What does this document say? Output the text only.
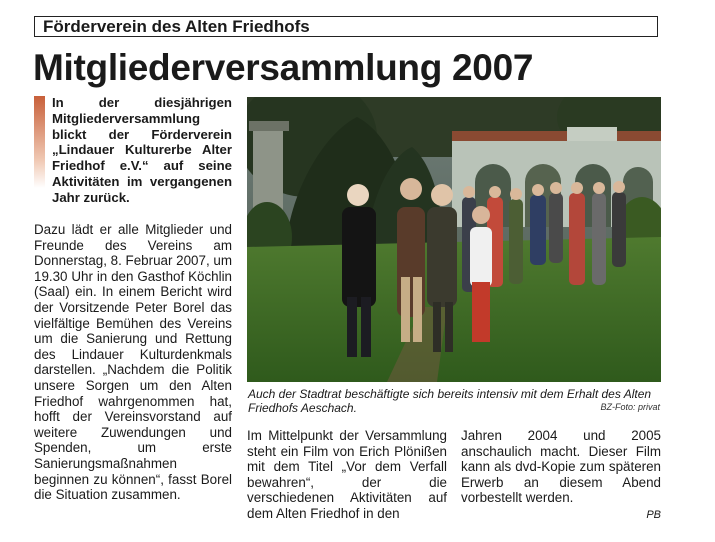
Förderverein des Alten Friedhofs
Mitgliederversammlung 2007
In der diesjährigen Mitgliederversammlung blickt der Förderverein „Lindauer Kulturerbe Alter Friedhof e.V.“ auf seine Aktivitäten im vergangenen Jahr zurück.
Dazu lädt er alle Mitglieder und Freunde des Vereins am Donnerstag, 8. Februar 2007, um 19.30 Uhr in den Gasthof Köchlin (Saal) ein. In einem Bericht wird der Vorsitzende Peter Borel das vielfältige Bemühen des Vereins um die Sanierung und Rettung des Lindauer Kulturdenkmals darstellen. „Nachdem die Politik unsere Sorgen um den Alten Friedhof wahrgenommen hat, hofft der Vereinsvorstand auf weitere Zuwendungen und Spenden, um erste Sanierungsmaßnahmen beginnen zu können“, fasst Borel die Situation zusammen.
Auch der Stadtrat beschäftigte sich bereits intensiv mit dem Erhalt des Alten Friedhofs Aeschach.	BZ-Foto: privat
Im Mittelpunkt der Versammlung steht ein Film von Erich Plönißen mit dem Titel „Vor dem Verfall bewahren“, der die verschiedenen Aktivitäten auf dem Alten Friedhof in den
Jahren 2004 und 2005 anschaulich macht. Dieser Film kann als dvd-Kopie zum späteren Erwerb an diesem Abend vorbestellt werden.
PB
